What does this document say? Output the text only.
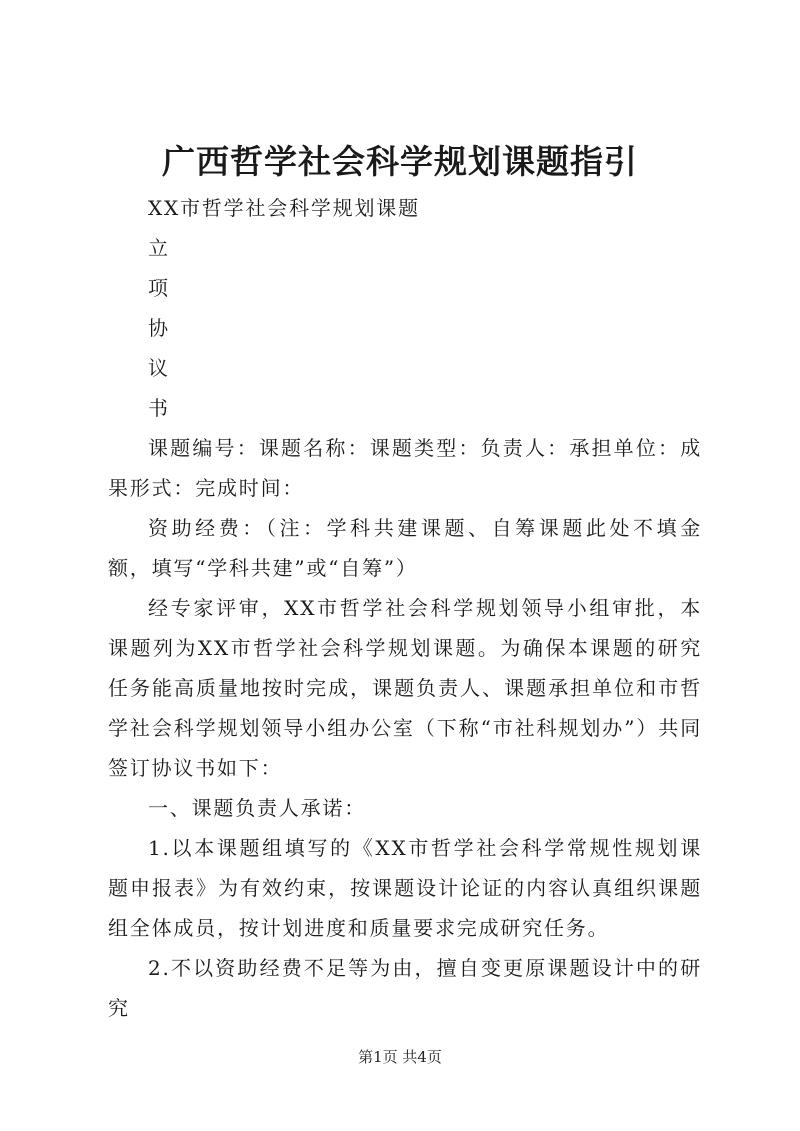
广西哲学社会科学规划课题指引

XX市哲学社会科学规划课题

立

项

协

议

书

课题编号：课题名称：课题类型：负责人：承担单位：成果形式：完成时间：

资助经费：（注：学科共建课题、自筹课题此处不填金额，填写“学科共建”或“自筹”）

经专家评审，XX市哲学社会科学规划领导小组审批，本课题列为XX市哲学社会科学规划课题。为确保本课题的研究任务能高质量地按时完成，课题负责人、课题承担单位和市哲学社会科学规划领导小组办公室（下称“市社科规划办”）共同签订协议书如下：

一、课题负责人承诺：

1.以本课题组填写的《XX市哲学社会科学常规性规划课题申报表》为有效约束，按课题设计论证的内容认真组织课题组全体成员，按计划进度和质量要求完成研究任务。

2.不以资助经费不足等为由，擅自变更原课题设计中的研究

第1页 共4页
